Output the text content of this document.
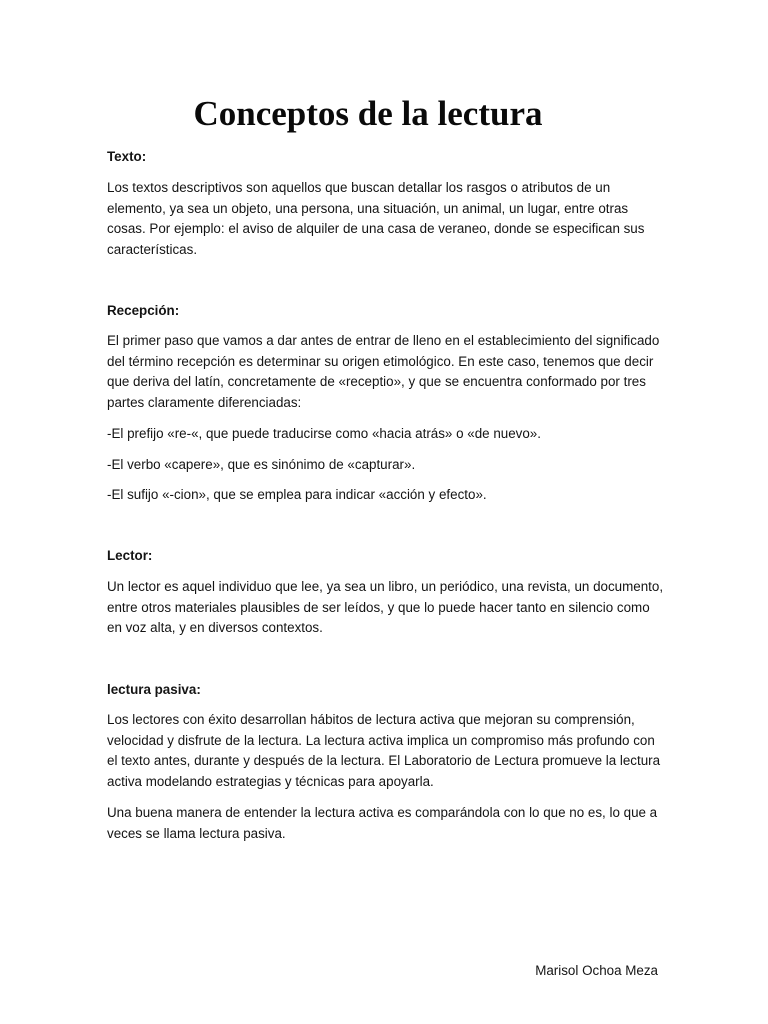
Conceptos de la lectura

Texto:

Los textos descriptivos son aquellos que buscan detallar los rasgos o atributos de un elemento, ya sea un objeto, una persona, una situación, un animal, un lugar, entre otras cosas. Por ejemplo: el aviso de alquiler de una casa de veraneo, donde se especifican sus características.

Recepción:

El primer paso que vamos a dar antes de entrar de lleno en el establecimiento del significado del término recepción es determinar su origen etimológico. En este caso, tenemos que decir que deriva del latín, concretamente de «receptio», y que se encuentra conformado por tres partes claramente diferenciadas:

-El prefijo «re-«, que puede traducirse como «hacia atrás» o «de nuevo».

-El verbo «capere», que es sinónimo de «capturar».

-El sufijo «-cion», que se emplea para indicar «acción y efecto».

Lector:

Un lector es aquel individuo que lee, ya sea un libro, un periódico, una revista, un documento, entre otros materiales plausibles de ser leídos, y que lo puede hacer tanto en silencio como en voz alta, y en diversos contextos.

lectura pasiva:

Los lectores con éxito desarrollan hábitos de lectura activa que mejoran su comprensión, velocidad y disfrute de la lectura. La lectura activa implica un compromiso más profundo con el texto antes, durante y después de la lectura. El Laboratorio de Lectura promueve la lectura activa modelando estrategias y técnicas para apoyarla.

Una buena manera de entender la lectura activa es comparándola con lo que no es, lo que a veces se llama lectura pasiva.

Marisol Ochoa Meza
